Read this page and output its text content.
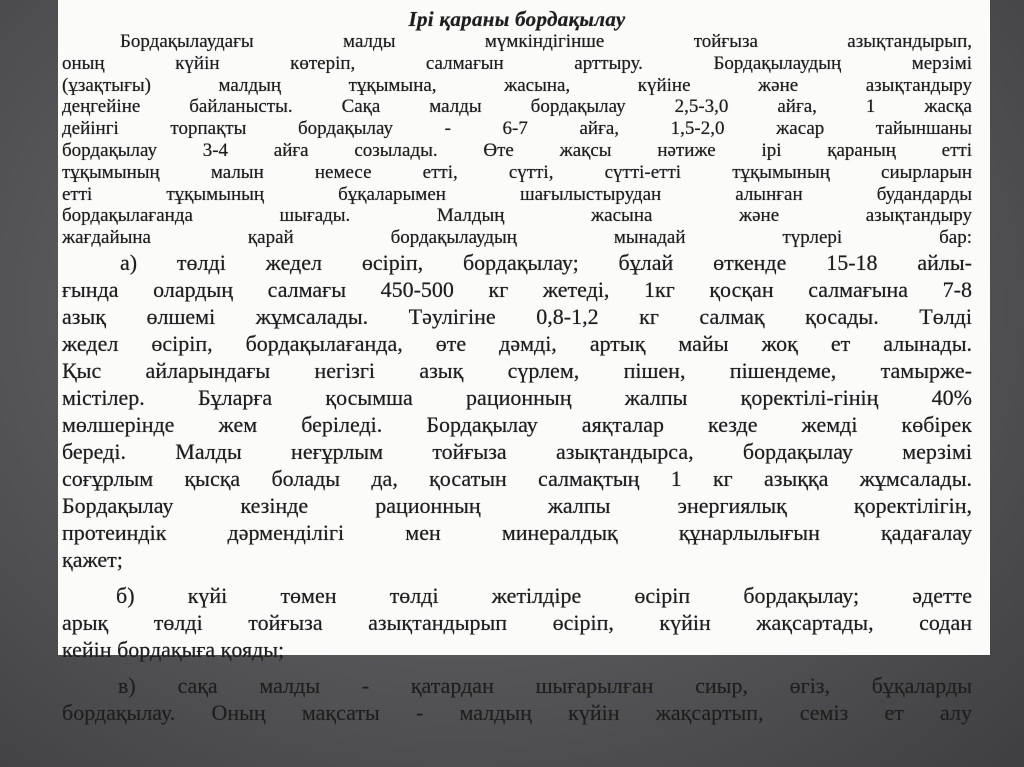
Ірі қараны бордақылау
Бордақылаудағы малды мүмкіндігінше тойғыза азықтандырып,
оның күйін көтеріп, салмағын арттыру. Бордақылаудың мерзімі
(ұзақтығы) малдың тұқымына, жасына, күйіне және азықтандыру
деңгейіне байланысты. Сақа малды бордақылау 2,5-3,0 айға, 1 жасқа
дейінгі торпақты бордақылау - 6-7 айға, 1,5-2,0 жасар тайыншаны
бордақылау 3-4 айға созылады. Өте жақсы нәтиже ірі қараның етті
тұқымының малын немесе етті, сүтті, сүтті-етті тұқымының сиырларын
етті тұқымының бұқаларымен шағылыстырудан алынған будандарды
бордақылағанда шығады. Малдың жасына және азықтандыру
жағдайына қарай бордақылаудың мынадай түрлері бар:
а) төлді жедел өсіріп, бордақылау; бұлай өткенде 15-18 айлы-
ғында олардың салмағы 450-500 кг жетеді, 1кг қосқан салмағына 7-8
азық өлшемі жұмсалады. Тәулігіне 0,8-1,2 кг салмақ қосады. Төлді
жедел өсіріп, бордақылағанда, өте дәмді, артық майы жоқ ет алынады.
Қыс айларындағы негізгі азық сүрлем, пішен, пішендеме, тамырже-
містілер. Бұларға қосымша рационның жалпы қоректілі-гінің 40%
мөлшерінде жем беріледі. Бордақылау аяқталар кезде жемді көбірек
береді. Малды неғұрлым тойғыза азықтандырса, бордақылау мерзімі
соғұрлым қысқа болады да, қосатын салмақтың 1 кг азыққа жұмсалады.
Бордақылау кезінде рационның жалпы энергиялық қоректілігін,
протеиндік дәрменділігі мен минералдық құнарлылығын қадағалау
қажет;
б) күйі төмен төлді жетілдіре өсіріп бордақылау; әдетте
арық төлді тойғыза азықтандырып өсіріп, күйін жақсартады, содан
кейін бордақыға қояды;
в) сақа малды - қатардан шығарылған сиыр, өгіз, бұқаларды
бордақылау. Оның мақсаты - малдың күйін жақсартып, семіз ет алу
